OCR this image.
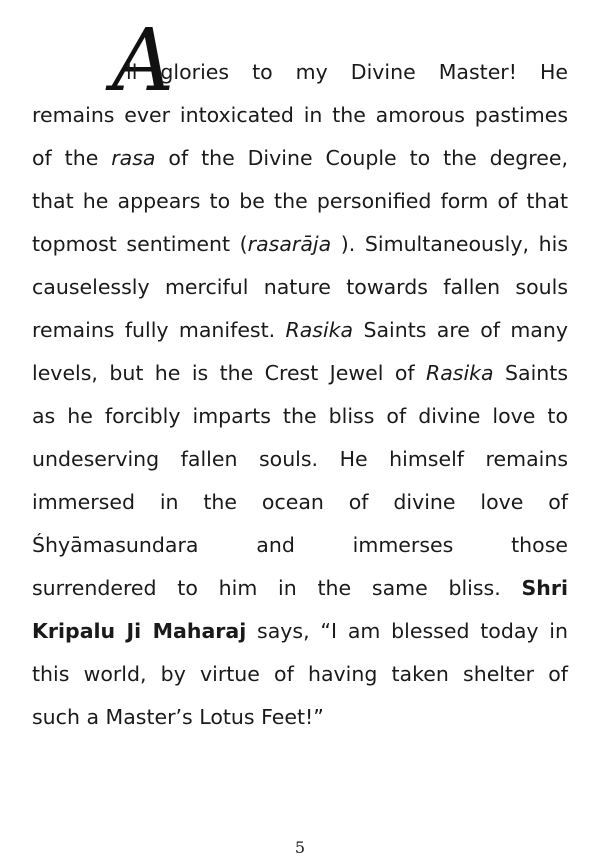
A
ll glories to my Divine Master! He
remains ever intoxicated in the amorous pastimes
of the rasa of the Divine Couple to the degree,
that he appears to be the personified form of that
topmost sentiment (rasarāja ). Simultaneously, his
causelessly merciful nature towards fallen souls
remains fully manifest. Rasika Saints are of many
levels, but he is the Crest Jewel of Rasika Saints
as he forcibly imparts the bliss of divine love to
undeserving fallen souls. He himself remains
immersed in the ocean of divine love of
Śhyāmasundara and immerses those
surrendered to him in the same bliss. Shri
Kripalu Ji Maharaj says, “I am blessed today in
this world, by virtue of having taken shelter of
such a Master’s Lotus Feet!”
5
